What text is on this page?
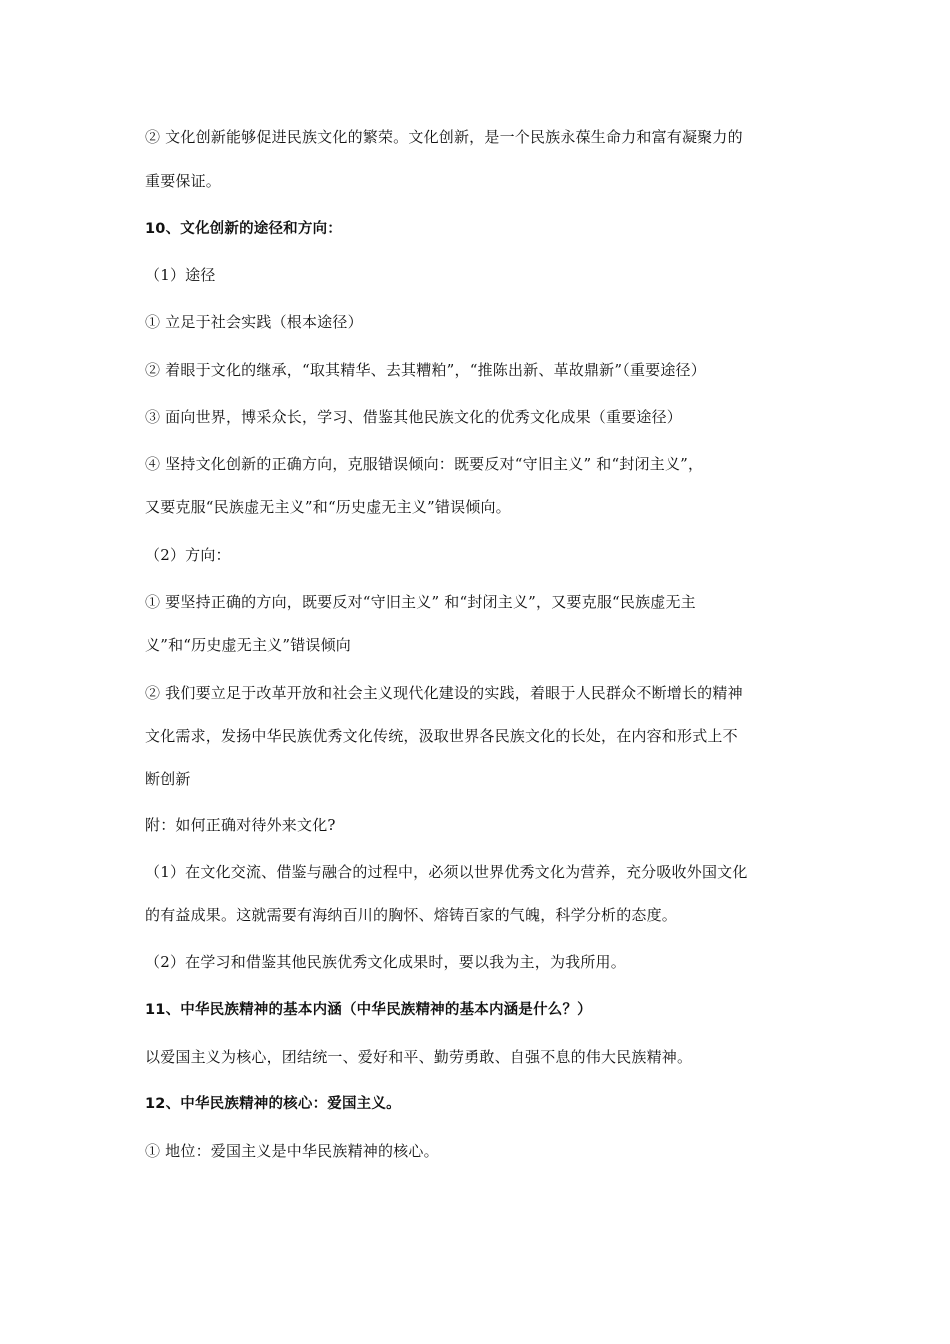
② 文化创新能够促进民族文化的繁荣。文化创新，是一个民族永葆生命力和富有凝聚力的
重要保证。
10、文化创新的途径和方向：
（1）途径
① 立足于社会实践（根本途径）
② 着眼于文化的继承，“取其精华、去其糟粕”，“推陈出新、革故鼎新”（重要途径）
③ 面向世界，博采众长，学习、借鉴其他民族文化的优秀文化成果（重要途径）
④ 坚持文化创新的正确方向，克服错误倾向：既要反对“守旧主义” 和“封闭主义”，
又要克服“民族虚无主义”和“历史虚无主义”错误倾向。
（2）方向：
① 要坚持正确的方向，既要反对“守旧主义” 和“封闭主义”，又要克服“民族虚无主
义”和“历史虚无主义”错误倾向
② 我们要立足于改革开放和社会主义现代化建设的实践，着眼于人民群众不断增长的精神
文化需求，发扬中华民族优秀文化传统，汲取世界各民族文化的长处，在内容和形式上不
断创新
附：如何正确对待外来文化?
（1）在文化交流、借鉴与融合的过程中，必须以世界优秀文化为营养，充分吸收外国文化
的有益成果。这就需要有海纳百川的胸怀、熔铸百家的气魄，科学分析的态度。
（2）在学习和借鉴其他民族优秀文化成果时，要以我为主，为我所用。
11、中华民族精神的基本内涵（中华民族精神的基本内涵是什么？）
以爱国主义为核心，团结统一、爱好和平、勤劳勇敢、自强不息的伟大民族精神。
12、中华民族精神的核心：爱国主义。
① 地位：爱国主义是中华民族精神的核心。
